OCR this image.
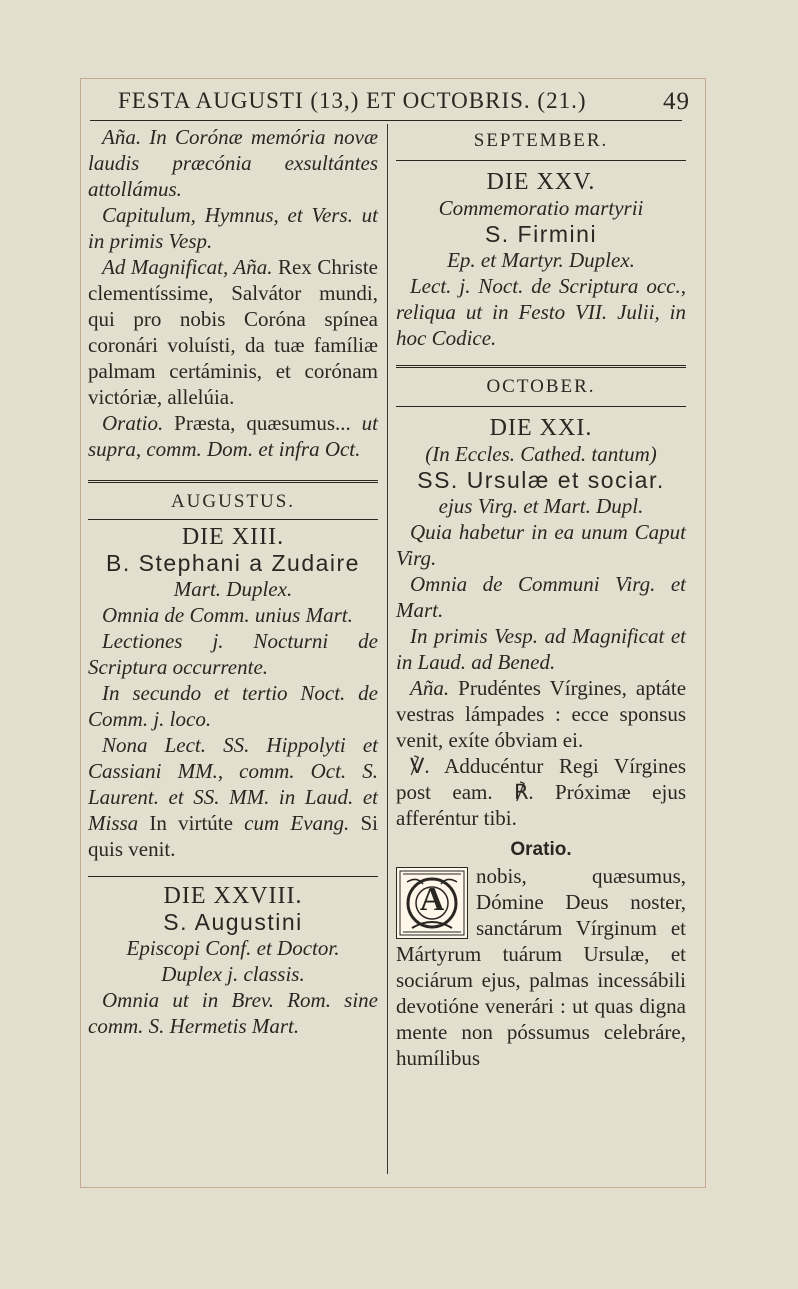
FESTA AUGUSTI (13,) ET OCTOBRIS. (21.)	49

Aña. In Corónæ memória novæ laudis præcónia exsultántes attollámus.

Capitulum, Hymnus, et Vers. ut in primis Vesp.

Ad Magnificat, Aña. Rex Christe clementíssime, Salvátor mundi, qui pro nobis Coróna spínea coronári voluísti, da tuæ famíliæ palmam certáminis, et corónam victóriæ, allelúia.

Oratio. Præsta, quæsumus... ut supra, comm. Dom. et infra Oct.

AUGUSTUS.

DIE XIII.

B. Stephani a Zudaire

Mart. Duplex.

Omnia de Comm. unius Mart.

Lectiones j. Nocturni de Scriptura occurrente.

In secundo et tertio Noct. de Comm. j. loco.

Nona Lect. SS. Hippolyti et Cassiani MM., comm. Oct. S. Laurent. et SS. MM. in Laud. et Missa In virtúte cum Evang. Si quis venit.

DIE XXVIII.

S. Augustini

Episcopi Conf. et Doctor. Duplex j. classis.

Omnia ut in Brev. Rom. sine comm. S. Hermetis Mart.

SEPTEMBER.

DIE XXV.

Commemoratio martyrii

S. Firmini

Ep. et Martyr. Duplex.

Lect. j. Noct. de Scriptura occ., reliqua ut in Festo VII. Julii, in hoc Codice.

OCTOBER.

DIE XXI.

(In Eccles. Cathed. tantum)

SS. Ursulæ et sociar.

ejus Virg. et Mart. Dupl.

Quia habetur in ea unum Caput Virg.

Omnia de Communi Virg. et Mart.

In primis Vesp. ad Magnificat et in Laud. ad Bened.

Aña. Prudéntes Vírgines, aptáte vestras lámpades : ecce sponsus venit, exíte óbviam ei.

℣. Adducéntur Regi Vírgines post eam. ℟. Próximæ ejus afferéntur tibi.

Oratio.

A

nobis, quæsumus, Dómine Deus noster, sanctárum Vírginum et Mártyrum tuárum Ursulæ, et sociárum ejus, palmas incessábili devotióne venerári : ut quas digna mente non póssumus celebráre, humílibus
